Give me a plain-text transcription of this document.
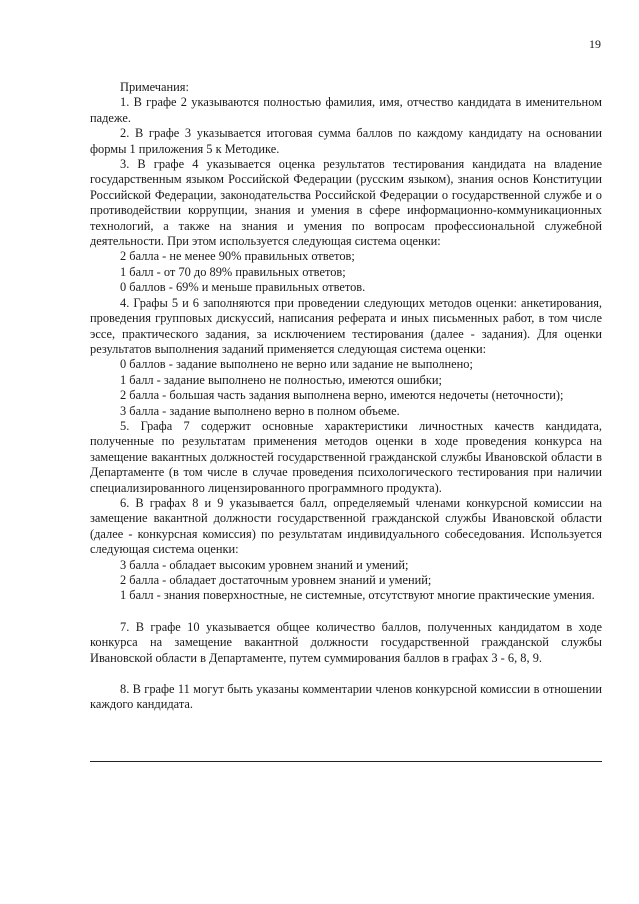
19

Примечания:

1. В графе 2 указываются полностью фамилия, имя, отчество кандидата в именительном падеже.

2. В графе 3 указывается итоговая сумма баллов по каждому кандидату на основании формы 1 приложения 5 к Методике.

3. В графе 4 указывается оценка результатов тестирования кандидата на владение государственным языком Российской Федерации (русским языком), знания основ Конституции Российской Федерации, законодательства Российской Федерации о государственной службе и о противодействии коррупции, знания и умения в сфере информационно-коммуникационных технологий, а также на знания и умения по вопросам профессиональной служебной деятельности. При этом используется следующая система оценки:

2 балла - не менее 90% правильных ответов;

1 балл - от 70 до 89% правильных ответов;

0 баллов - 69% и меньше правильных ответов.

4. Графы 5 и 6 заполняются при проведении следующих методов оценки: анкетирования, проведения групповых дискуссий, написания реферата и иных письменных работ, в том числе эссе, практического задания, за исключением тестирования (далее - задания). Для оценки результатов выполнения заданий применяется следующая система оценки:

0 баллов - задание выполнено не верно или задание не выполнено;

1 балл - задание выполнено не полностью, имеются ошибки;

2 балла - большая часть задания выполнена верно, имеются недочеты (неточности);

3 балла - задание выполнено верно в полном объеме.

5. Графа 7 содержит основные характеристики личностных качеств кандидата, полученные по результатам применения методов оценки в ходе проведения конкурса на замещение вакантных должностей государственной гражданской службы Ивановской области в Департаменте (в том числе в случае проведения психологического тестирования при наличии специализированного лицензированного программного продукта).

6. В графах 8 и 9 указывается балл, определяемый членами конкурсной комиссии на замещение вакантной должности государственной гражданской службы Ивановской области (далее - конкурсная комиссия) по результатам индивидуального собеседования. Используется следующая система оценки:

3 балла - обладает высоким уровнем знаний и умений;

2 балла - обладает достаточным уровнем знаний и умений;

1 балл - знания поверхностные, не системные, отсутствуют многие практические умения.

7. В графе 10 указывается общее количество баллов, полученных кандидатом в ходе конкурса на замещение вакантной должности государственной гражданской службы Ивановской области в Департаменте, путем суммирования баллов в графах 3 - 6, 8, 9.

8. В графе 11 могут быть указаны комментарии членов конкурсной комиссии в отношении каждого кандидата.
